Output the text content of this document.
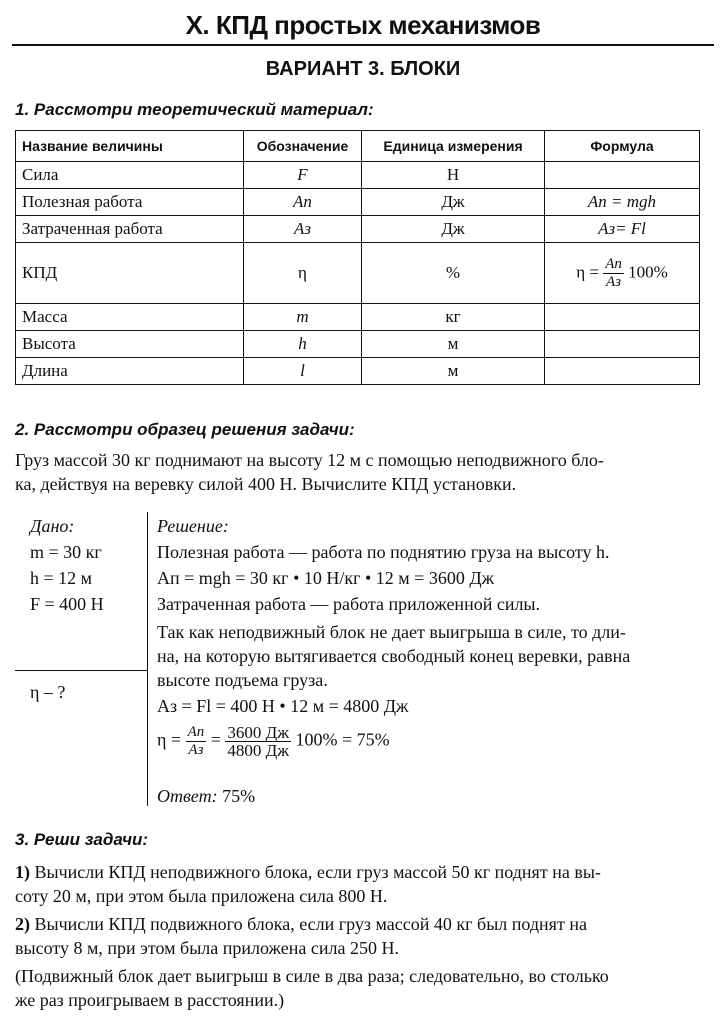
X. КПД простых механизмов
ВАРИАНТ 3. БЛОКИ
1. Рассмотри теоретический материал:
Название величины	Обозначение	Единица измерения	Формула
Сила	F	Н	
Полезная работа	Aп	Дж	Aп = mgh
Затраченная работа	Aз	Дж	Aз= Fl
КПД	η	%	$\eta = \frac{Aп}{Aз} 100\%$
Масса	m	кг	
Высота	h	м	
Длина	l	м	
2. Рассмотри образец решения задачи:
Груз массой 30 кг поднимают на высоту 12 м с помощью неподвижного бло-
ка, действуя на веревку силой 400 Н. Вычислите КПД установки.
Дано:
m = 30 кг
h = 12 м
F = 400 Н
η – ?
Решение:
Полезная работа — работа по поднятию груза на высоту h.
Aп = mgh = 30 кг • 10 Н/кг • 12 м = 3600 Дж
Затраченная работа — работа приложенной силы.
Так как неподвижный блок не дает выигрыша в силе, то дли-
на, на которую вытягивается свободный конец веревки, равна
высоте подъема груза.
Aз = Fl = 400 Н • 12 м = 4800 Дж
$\eta = \frac{Aп}{Aз} = \frac{3600 Дж}{4800 Дж} 100\% = 75\%$
Ответ: 75%
3. Реши задачи:
1) Вычисли КПД неподвижного блока, если груз массой 50 кг поднят на вы-
соту 20 м, при этом была приложена сила 800 Н.
2) Вычисли КПД подвижного блока, если груз массой 40 кг был поднят на
высоту 8 м, при этом была приложена сила 250 Н.
(Подвижный блок дает выигрыш в силе в два раза; следовательно, во столько
же раз проигрываем в расстоянии.)
